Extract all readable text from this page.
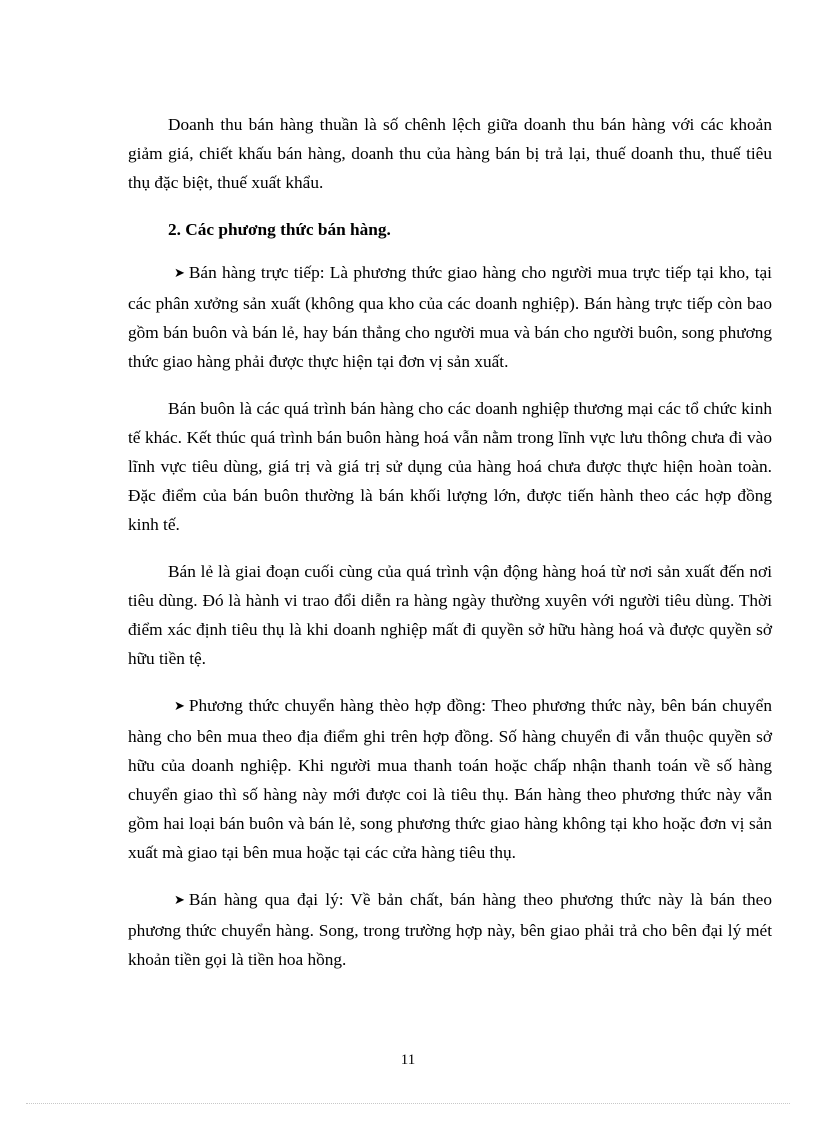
Doanh thu bán hàng thuần là số chênh lệch giữa doanh thu bán hàng với các khoản giảm giá, chiết khấu bán hàng, doanh thu của hàng bán bị trả lại, thuế doanh thu, thuế tiêu thụ đặc biệt, thuế xuất khẩu.

2. Các phương thức bán hàng.

➤ Bán hàng trực tiếp: Là phương thức giao hàng cho người mua trực tiếp tại kho, tại các phân xưởng sản xuất (không qua kho của các doanh nghiệp). Bán hàng trực tiếp còn bao gồm bán buôn và bán lẻ, hay bán thẳng cho người mua và bán cho người buôn, song phương thức giao hàng phải được thực hiện tại đơn vị sản xuất.

Bán buôn là các quá trình bán hàng cho các doanh nghiệp thương mại các tổ chức kinh tế khác. Kết thúc quá trình bán buôn hàng hoá vẫn nằm trong lĩnh vực lưu thông chưa đi vào lĩnh vực tiêu dùng, giá trị và giá trị sử dụng của hàng hoá chưa được thực hiện hoàn toàn. Đặc điểm của bán buôn thường là bán khối lượng lớn, được tiến hành theo các hợp đồng kinh tế.

Bán lẻ là giai đoạn cuối cùng của quá trình vận động hàng hoá từ nơi sản xuất đến nơi tiêu dùng. Đó là hành vi trao đổi diễn ra hàng ngày thường xuyên với người tiêu dùng. Thời điểm xác định tiêu thụ là khi doanh nghiệp mất đi quyền sở hữu hàng hoá và được quyền sở hữu tiền tệ.

➤ Phương thức chuyển hàng thèo hợp đồng: Theo phương thức này, bên bán chuyển hàng cho bên mua theo địa điểm ghi trên hợp đồng. Số hàng chuyển đi vẫn thuộc quyền sở hữu của doanh nghiệp. Khi người mua thanh toán hoặc chấp nhận thanh toán về số hàng chuyển giao thì số hàng này mới được coi là tiêu thụ. Bán hàng theo phương thức này vẫn gồm hai loại bán buôn và bán lẻ, song phương thức giao hàng không tại kho hoặc đơn vị sản xuất mà giao tại bên mua hoặc tại các cửa hàng tiêu thụ.

➤ Bán hàng qua đại lý: Về bản chất, bán hàng theo phương thức này là bán theo phương thức chuyển hàng. Song, trong trường hợp này, bên giao phải trả cho bên đại lý mét khoản tiền gọi là tiền hoa hồng.

11
